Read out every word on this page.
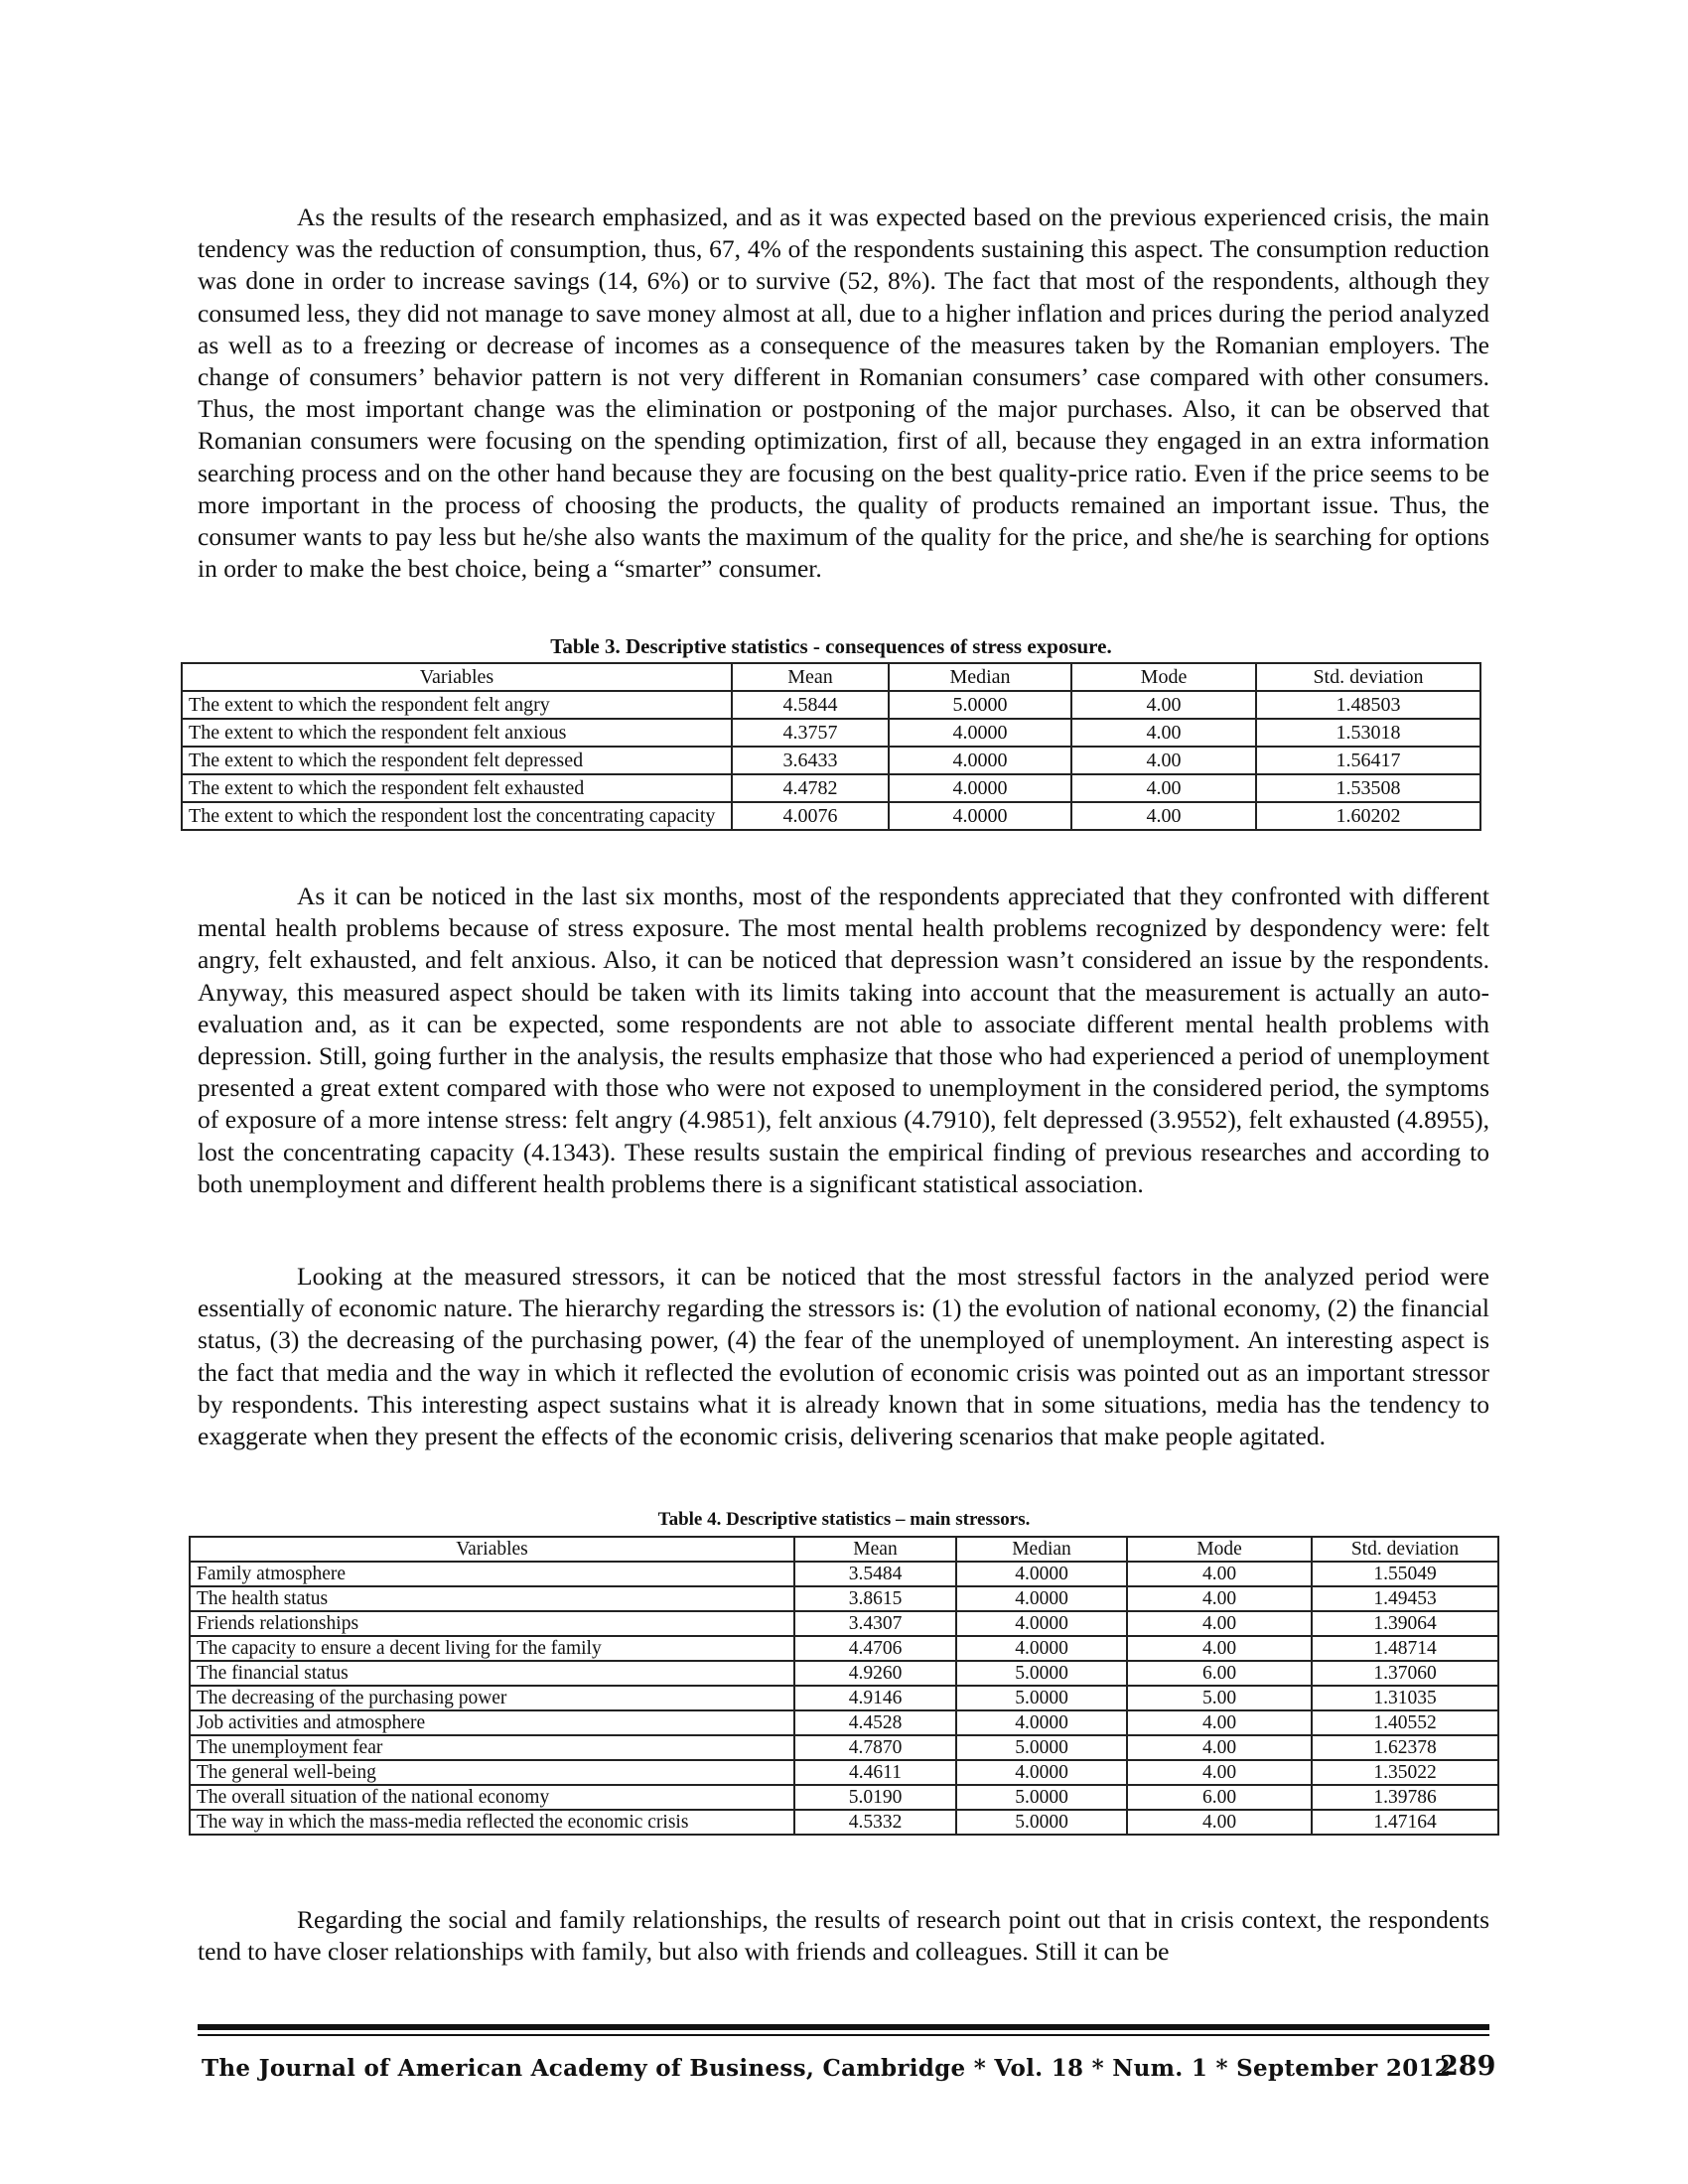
As the results of the research emphasized, and as it was expected based on the previous experienced crisis, the main tendency was the reduction of consumption, thus, 67, 4% of the respondents sustaining this aspect. The consumption reduction was done in order to increase savings (14, 6%) or to survive (52, 8%). The fact that most of the respondents, although they consumed less, they did not manage to save money almost at all, due to a higher inflation and prices during the period analyzed as well as to a freezing or decrease of incomes as a consequence of the measures taken by the Romanian employers. The change of consumers’ behavior pattern is not very different in Romanian consumers’ case compared with other consumers. Thus, the most important change was the elimination or postponing of the major purchases. Also, it can be observed that Romanian consumers were focusing on the spending optimization, first of all, because they engaged in an extra information searching process and on the other hand because they are focusing on the best quality-price ratio. Even if the price seems to be more important in the process of choosing the products, the quality of products remained an important issue. Thus, the consumer wants to pay less but he/she also wants the maximum of the quality for the price, and she/he is searching for options in order to make the best choice, being a “smarter” consumer.

Table 3. Descriptive statistics - consequences of stress exposure.

Variables	Mean	Median	Mode	Std. deviation
The extent to which the respondent felt angry	4.5844	5.0000	4.00	1.48503
The extent to which the respondent felt anxious	4.3757	4.0000	4.00	1.53018
The extent to which the respondent felt depressed	3.6433	4.0000	4.00	1.56417
The extent to which the respondent felt exhausted	4.4782	4.0000	4.00	1.53508
The extent to which the respondent lost the concentrating capacity	4.0076	4.0000	4.00	1.60202

As it can be noticed in the last six months, most of the respondents appreciated that they confronted with different mental health problems because of stress exposure. The most mental health problems recognized by despondency were: felt angry, felt exhausted, and felt anxious. Also, it can be noticed that depression wasn’t considered an issue by the respondents. Anyway, this measured aspect should be taken with its limits taking into account that the measurement is actually an auto-evaluation and, as it can be expected, some respondents are not able to associate different mental health problems with depression. Still, going further in the analysis, the results emphasize that those who had experienced a period of unemployment presented a great extent compared with those who were not exposed to unemployment in the considered period, the symptoms of exposure of a more intense stress: felt angry (4.9851), felt anxious (4.7910), felt depressed (3.9552), felt exhausted (4.8955), lost the concentrating capacity (4.1343). These results sustain the empirical finding of previous researches and according to both unemployment and different health problems there is a significant statistical association.

Looking at the measured stressors, it can be noticed that the most stressful factors in the analyzed period were essentially of economic nature. The hierarchy regarding the stressors is: (1) the evolution of national economy, (2) the financial status, (3) the decreasing of the purchasing power, (4) the fear of the unemployed of unemployment. An interesting aspect is the fact that media and the way in which it reflected the evolution of economic crisis was pointed out as an important stressor by respondents. This interesting aspect sustains what it is already known that in some situations, media has the tendency to exaggerate when they present the effects of the economic crisis, delivering scenarios that make people agitated.

Table 4. Descriptive statistics – main stressors.

Variables	Mean	Median	Mode	Std. deviation
Family atmosphere	3.5484	4.0000	4.00	1.55049
The health status	3.8615	4.0000	4.00	1.49453
Friends relationships	3.4307	4.0000	4.00	1.39064
The capacity to ensure a decent living for the family	4.4706	4.0000	4.00	1.48714
The financial status	4.9260	5.0000	6.00	1.37060
The decreasing of the purchasing power	4.9146	5.0000	5.00	1.31035
Job activities and atmosphere	4.4528	4.0000	4.00	1.40552
The unemployment fear	4.7870	5.0000	4.00	1.62378
The general well-being	4.4611	4.0000	4.00	1.35022
The overall situation of the national economy	5.0190	5.0000	6.00	1.39786
The way in which the mass-media reflected the economic crisis	4.5332	5.0000	4.00	1.47164

Regarding the social and family relationships, the results of research point out that in crisis context, the respondents tend to have closer relationships with family, but also with friends and colleagues. Still it can be

The Journal of American Academy of Business, Cambridge * Vol. 18 * Num. 1 * September 2012
289
